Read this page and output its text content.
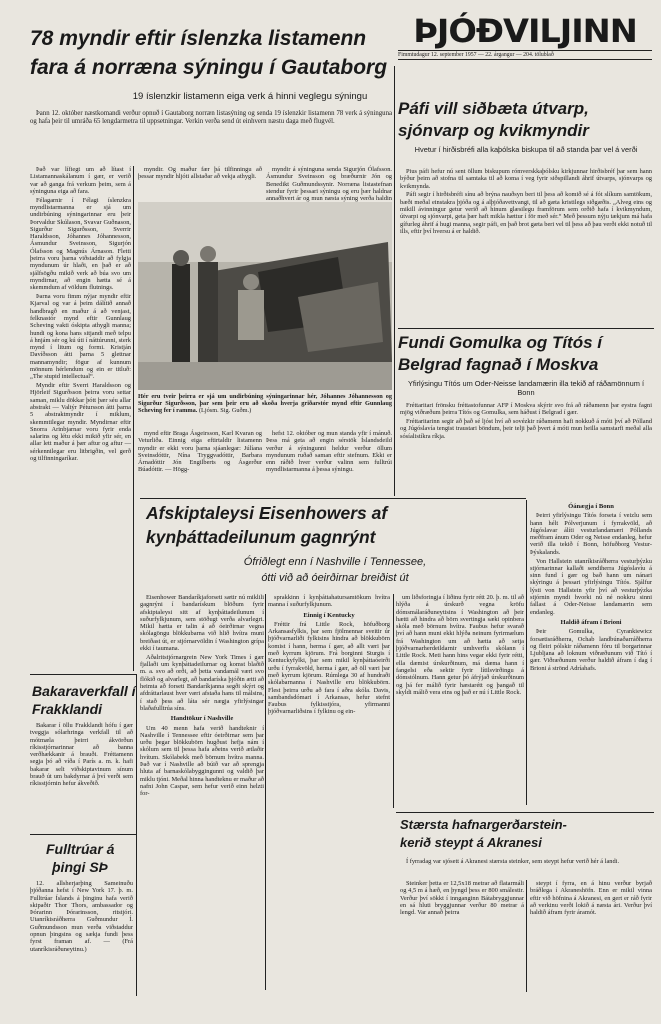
ÞJÓÐVILJINN
Fimmtudagur 12. september 1957 — 22. árgangur — 204. tölublað
78 myndir eftir íslenzka listamenn
fara á norræna sýningu í Gautaborg
19 íslenzkir listamenn eiga verk á hinni veglegu sýningu

Þann 12. október næstkomandi verður opnuð í Gautaborg norræn listasýning og senda 19 íslenzkir listamenn 78 verk á sýninguna og hafa þeir til umráða 65 lengdarmetra til uppsetningar. Verkin verða send út einhvern næstu daga með flugvél.

Það var lífiegt um að lítast í Listamannaskálanum í gær, er verið var að ganga frá verkum þeim, sem á sýninguna eiga að fara.

Félagarnir í Félagi íslenzkra myndlistarmanna er sjá um undirbúning sýningarinnar eru þeir Þorvaldur Skúlason, Svavar Guðnason, Sigurður Sigurðsson, Sverrir Haraldsson, Jóhannes Jóhannesson, Ásmundur Sveinsson, Sigurjón Ólafsson og Magnús Árnason. Fletti þeirra voru þarna viðstaddir að fylgja myndunum úr hlaði, en það er að sjálfsögðu mikið verk að búa svo um myndirnar, að engin hætta sé á skemmdum af völdum flutnings.

Þarna voru fimm nýjar myndir eftir Kjarval og var á þeim dálítið annað handbragð en maður á að venjast, felknastór mynd eftir Gunnlaug Scheving vakti óskipta athygli manna; hundi og kona hans sitjandi með telpu á hnjám sér og kú úti í náttúrunni, sterk mynd í litum og formi. Kristján Davíðsson átti þarna 5 glettnar mannamyndir; fögur af kunnum mönnum hérlendum og ein er titluð: „The stupid intellectual“.

Myndir eftir Sverri Haraldsson og Hjörleif Sigurðsson þeirra voru settar saman, miklu dökkar þótt þær séu allar abstrakt — Valtýr Pétursson átti þarna 5 abstraktmyndir í miklum, skemmtilegar myndir. Myndirnar eftir Snorra Arinbjarnar voru fyrir enda salarins og létu ekki mikið yfir sér, en allar lett maður á þær aftur og aftur — sérkennilegar eru litbrigðin, vel gerð og tilfinningaríkar.

myndir. Og maður fær þá tilfinningu að þessar myndir hljóti allstaðar að vekja athygli.

myndir á sýninguna senda Sigurjón Ólafsson. Ásmundur Sveinsson og bræðurnir Jón og Benedikt Guðmundssynir. Norræna listastefnan stendur fyrir þessari sýningu og eru þær haldnar annaðhvert ár og mun næsta sýning verða haldin

Hér eru tveir þeirra er sjá um undirbúning sýningarinnar hér, Jóhannes Jóhannesson og Sigurður Sigurðsson, þar sem þeir eru að skoða hverja griðarstór mynd eftir Gunnlaug Scheving fer í ramma. (Ljósm. Sig. Guðm.)

mynd eftir Braga Ásgeirsson, Karl Kvaran og Veturliða. Einnig eiga eftirtaldir listamenn myndir er ekki voru þarna sjáanlegar: Júlíana Sveinsdóttir, Nína Tryggvadóttir, Barbara Árnadóttir Jón Engilberts og Ásgerður Búadóttir. — Högg-

hefst 12. október og mun standa yfir í mánuð. Þess má geta að engin sérstök Íslandsdeild verður á sýningunni heldur verður öllum myndunum ruðað saman eftir stefnum. Ekki er enn ráðið hver verður valinn sem fulltrúi myndlistarmanna á þessa sýningu.

Páfi vill siðbæta útvarp,
sjónvarp og kvikmyndir
Hvetur í hirðisbréfi alla kaþólska biskupa til að standa þar vel á verði

Pius páfi hefur nú sent öllum biskupum rómverskkaþólsku kirkjunnar hirðisbréf þar sem hann býður þeim að stofna til samtaka til að koma í veg fyrir siðspillandi áhrif útvarps, sjónvarps og kvikmynda.

Páfi segir í hirðisbréfi sínu að brýna nauðsyn beri til þess að komið sé á fót slíkum samtökum, bæði meðal einstakra þjóða og á alþjóðavettvangi, til að gæta kristilegs siðgæðis. „Alveg eins og mikill ávinningur getur verið að hinum glæsilegu framförum sem orðið hafa í kvikmyndum, útvarpi og sjónvarpi, geta þær haft mikla hættur í för með sér.“ Með þessum nýju tækjum má hafa gífurleg áhrif á hugi manna, segir páfi, en það brot gæta beri vel til þess að þau verði ekki notuð til ills, eftir því hversu á er haldið.

Fundi Gomulka og Títós í
Belgrad fagnað í Moskva
Yfirlýsingu Títós um Oder-Neisse landamærin illa tekið af ráðamönnum í Bonn

Fréttaritari frönsku fréttastofunnar AFP í Moskva skýrir svo frá að ráðamenn þar eystra fagni mjög viðræðum þeirra Títós og Gomulka, sem háðust í Belgrad í gær.

Fréttaritarinn segir að það sé ljóst hví að sovézkir ráðamenn hafi nokkuð á móti því að Pólland og Júgóslavía tengist traustari böndum, þeir telji það þvert á móti mun heilla samstarfi meðal alla sósíalistíkra ríkja.

Óánægja í Bonn

Þeirri yfirlýsingu Títós forseta í veizlu sem hann hélt Pólverjunum í fyrrakvöld, að Júgóslavar álíti vesturlandamæri Póllands meðfram ánum Oder og Neisse endanleg, hefur verið illa tekið í Bonn, höfuðborg Vestur-Þýskalands.

Von Hallstein utanríkisráðherra vesturþýzku stjórnarinnar kallaði sendiherra Júgóslavíu á sinn fund í gær og bað hann um nánari skýringu á þessari yfirlýsingu Títós. Sjálfur lýsti von Hallstein yfir því að vesturþýzka stjórnin myndi hvorki nú né nokkru sinni fallast á Oder-Neisse landamærin sem endanleg.

Haldið áfram í Brioni

Þeir Gomulka, Cyrankiewicz forsætisráðherra, Ochab landbúnaðarráðherra og fleiri pólskir ráðamenn fóru til borgarinnar Ljubljana að loknum viðræðunum við Tító í gær. Viðræðunum verður haldið áfram í dag í Brioni á strönd Adríahafs.

Afskiptaleysi Eisenhowers af
kynþáttadeilunum gagnrýnt
Ófriðlegt enn í Nashville í Tennessee,
ótti við að óeirðirnar breiðist út

Eisenhower Bandaríkjaforseti sætir nú miklili gagnrýni í bandarískum blöðum fyrir afskiptaleysi sitt af kynþáttadeilunum í suðurfylkjunum, sem stöðugt verða alvarlegri. Mikil hætta er talin á að óeirðirnar vegna skólagöngu blökkubarna við hlið hvítra muni breiðast út, er stjórnarvöldin í Washington grípa ekki í taumana.

Aðalritstjórnargrein New York Times í gær fjallaði um kynþáttadeilurnar og komst blaðið m. a. svo að orði, að þetta vandamál væri svo flókið og alvarlegt, að bandaríska þjóðin ætti að heimta að forseti Bandaríkjanna segði skýrt og afdráttarlaust hver væri afstaða hans til málsins, í stað þess að láta sér nægja yfirlýsingar blaðafulltrúa síns.

Handtökur í Nashville

Um 40 menn hafa verið handteknir í Nashville í Tennessee eftir óeirðirnar sem þar urðu þegar blökkubörn hugðust hefja nám í skólum sem til þessa hafa aðeins verið ætlaðir hvítum. Skólabekk með börnum hvítra manna. Það var í Nashville að búið var að sprengja hluta af barnaskólabyggingunni og valdið þar miklu tjóni. Meðal hinna handteknu er maður að nafni John Caspar, sem hefur verið einn helzti for-

sprakkinn í kynþáttahatursamtökum hvítra manna í suðurfylkjunum.

Einnig í Kentucky

Fréttir frá Little Rock, höfuðborg Arkansasfylkis, þar sem fjölmennar sveitir úr þjóðvarnarliði fylkisins hindra að blökkubörn komist í hann, herma í gær, að allt væri þar með kyrrum kjörum. Frá borginni Sturgis í Kentuckyfylki, þar sem mikil kynþáttaóeirði urðu í fyrrakvöld, herma í gær, að öll væri þar með kyrrum kjörum. Rúmlega 30 af hundraði skólabarnanna í Nashville eru blökkubörn. Flest þeirra urðu að fara í aðra skóla. Davis, sambandsdómari í Arkansas, hefur stefnt Faubus fylkisstjóra, yfirmanni þjóðvarnarliðsins í fylkinu og ein-

um liðsforingja í liðinu fyrir rétt 20. þ. m. til að hlýða á úrskurð vegna kröfu dómsmálaráðuneytisins í Washington að þeir hætti að hindra að börn svertingja sæki opinbera skóla með börnum hvítra. Faubus hefur svarað því að hann muni ekki hlýða neinum fyrirmælum frá Washington um að hætta að setja þjóðvarnarherdeildarnir umhverfis skólann í Little Rock. Meti hann hins vegar ekki fyrir rétti, ella dæmist úrskurðinum, má dæma hann í fangelsi eða sektir fyrir lítilsvirðingu á dómstólnum. Hann getur þó áfrýjað úrskurðinum og þá fer málið fyrir hæstarétt og þangað til skyldi málið vera eins og það er nú í Little Rock.

Bakaraverkfall í
Frakklandi

Bakarar í öllu Frakklandi hófu í gær tveggja sólarhringa verkfall til að mótmæla þeirri ákvörðun ríkisstjórnarinnar að banna verðhækkanir á brauði. Fréttamenn segja þó að víða í París a. m. k. hafi bakarar selt viðskiptavinum sínum brauð út um bakdyrnar á því verði sem ríkisstjórnin hefur ákveðið.

Fulltrúar á
þingi SÞ

12. allsherjarþing Sameinuðu þjóðanna hefst í New York 17. þ. m. Fulltrúar Íslands á þinginu hafa verið skipaðir Thor Thors, ambassador og Þórarinn Þórarinsson, ritstjóri. Utanríkisráðherra Guðmundur Í. Guðmundsson mun verða viðstaddur opnun þingsins og sækja fundi þess fyrst framan af. — (Frá utanríkisráðuneytinu.)

Stærsta hafnargerðarstein-
kerið steypt á Akranesi

Í fyrradag var sjósett á Akranesi stærsta steinker, sem steypt hefur verið hér á landi.

Steinker þetta er 12,5x18 metrar að flatarmáli og 4,5 m á hæð, en þyngd þess er 800 smálestir. Verður því sökkt í innganginn Bátabryggjunnar en sá hluti bryggjunnar verður 80 metrar á lengd. Var annað þeirra

steypt í fyrra, en á hinu verður byrjað bráðlega í Akraneshöfn. Enn er mikil vinna eftir við höfnina á Akranesi, en gert er ráð fyrir að verkinu verði lokið á næsta ári. Verður því haldið áfram fyrir áramót.
